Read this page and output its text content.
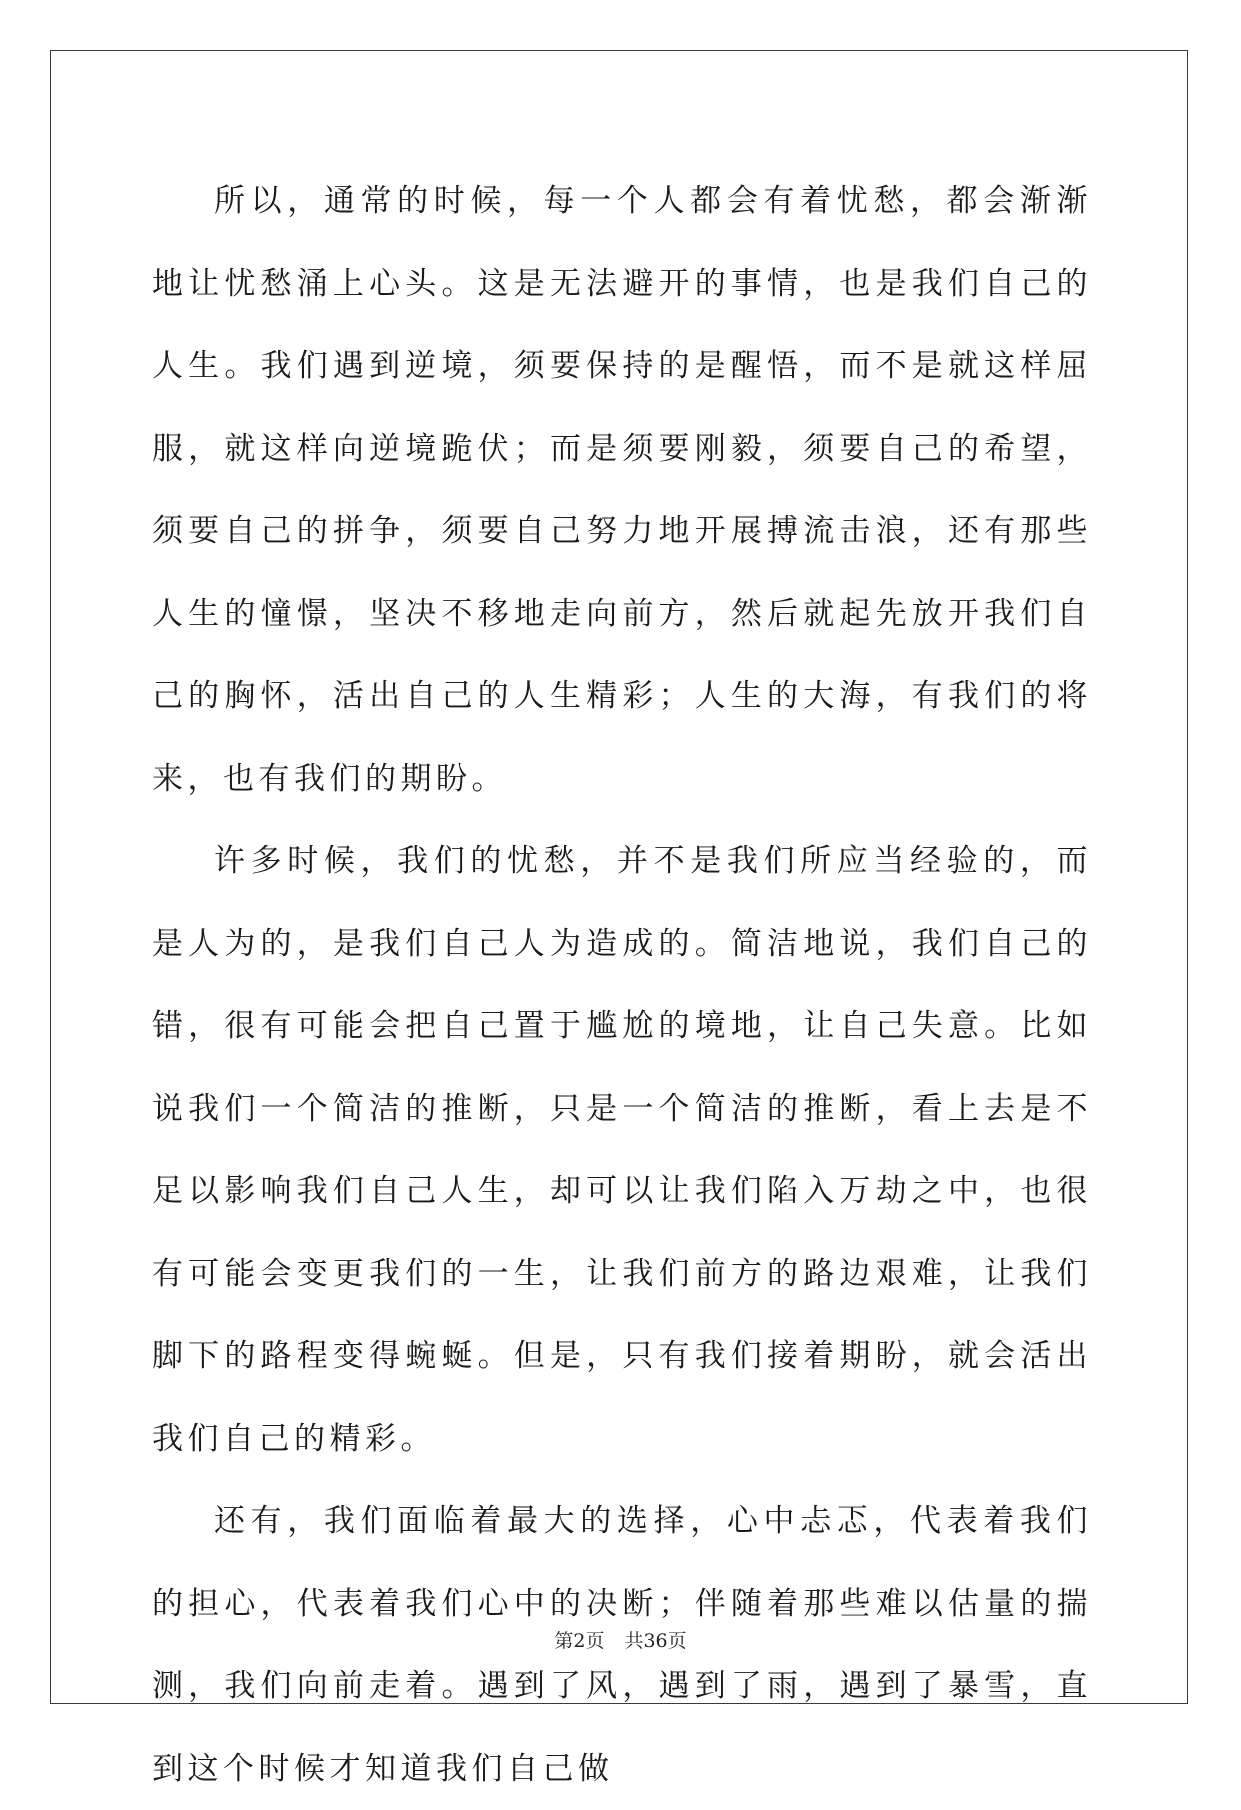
所以，通常的时候，每一个人都会有着忧愁，都会渐渐地让忧愁涌上心头。这是无法避开的事情，也是我们自己的人生。我们遇到逆境，须要保持的是醒悟，而不是就这样屈服，就这样向逆境跪伏；而是须要刚毅，须要自己的希望，须要自己的拼争，须要自己努力地开展搏流击浪，还有那些人生的憧憬，坚决不移地走向前方，然后就起先放开我们自己的胸怀，活出自己的人生精彩；人生的大海，有我们的将来，也有我们的期盼。

许多时候，我们的忧愁，并不是我们所应当经验的，而是人为的，是我们自己人为造成的。简洁地说，我们自己的错，很有可能会把自己置于尴尬的境地，让自己失意。比如说我们一个简洁的推断，只是一个简洁的推断，看上去是不足以影响我们自己人生，却可以让我们陷入万劫之中，也很有可能会变更我们的一生，让我们前方的路边艰难，让我们脚下的路程变得蜿蜒。但是，只有我们接着期盼，就会活出我们自己的精彩。

还有，我们面临着最大的选择，心中忐忑，代表着我们的担心，代表着我们心中的决断；伴随着那些难以估量的揣测，我们向前走着。遇到了风，遇到了雨，遇到了暴雪，直到这个时候才知道我们自己做

第2页 共36页
